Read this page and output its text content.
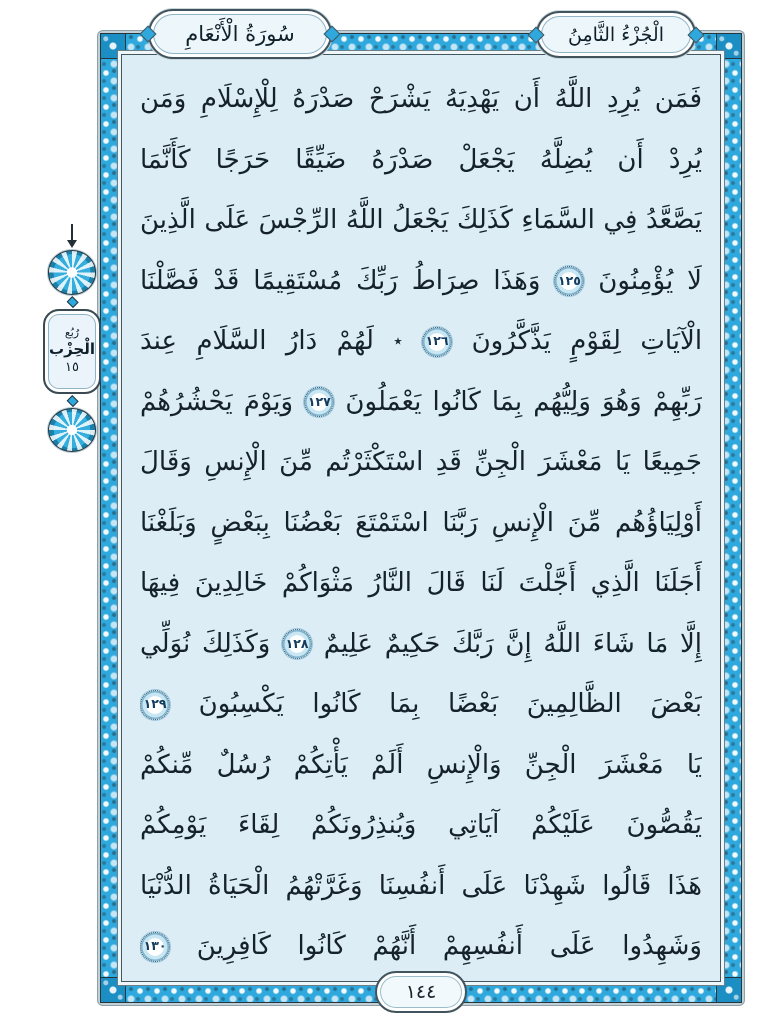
سُورَةُ الْأَنْعَامِ	الْجُزْءُ الثَّامِنُ
فَمَن يُرِدِ اللَّهُ أَن يَهْدِيَهُ يَشْرَحْ صَدْرَهُ لِلْإِسْلَامِ وَمَن
يُرِدْ أَن يُضِلَّهُ يَجْعَلْ صَدْرَهُ ضَيِّقًا حَرَجًا كَأَنَّمَا
يَصَّعَّدُ فِي السَّمَاءِ كَذَلِكَ يَجْعَلُ اللَّهُ الرِّجْسَ عَلَى الَّذِينَ
لَا يُؤْمِنُونَ ١٢٥ وَهَذَا صِرَاطُ رَبِّكَ مُسْتَقِيمًا قَدْ فَصَّلْنَا
الْآيَاتِ لِقَوْمٍ يَذَّكَّرُونَ ١٢٦ ٭ لَهُمْ دَارُ السَّلَامِ عِندَ
رَبِّهِمْ وَهُوَ وَلِيُّهُم بِمَا كَانُوا يَعْمَلُونَ ١٢٧ وَيَوْمَ يَحْشُرُهُمْ
جَمِيعًا يَا مَعْشَرَ الْجِنِّ قَدِ اسْتَكْثَرْتُم مِّنَ الْإِنسِ وَقَالَ
أَوْلِيَاؤُهُم مِّنَ الْإِنسِ رَبَّنَا اسْتَمْتَعَ بَعْضُنَا بِبَعْضٍ وَبَلَغْنَا
أَجَلَنَا الَّذِي أَجَّلْتَ لَنَا قَالَ النَّارُ مَثْوَاكُمْ خَالِدِينَ فِيهَا
إِلَّا مَا شَاءَ اللَّهُ إِنَّ رَبَّكَ حَكِيمٌ عَلِيمٌ ١٢٨ وَكَذَلِكَ نُوَلِّي
بَعْضَ الظَّالِمِينَ بَعْضًا بِمَا كَانُوا يَكْسِبُونَ ١٢٩
يَا مَعْشَرَ الْجِنِّ وَالْإِنسِ أَلَمْ يَأْتِكُمْ رُسُلٌ مِّنكُمْ
يَقُصُّونَ عَلَيْكُمْ آيَاتِي وَيُنذِرُونَكُمْ لِقَاءَ يَوْمِكُمْ
هَذَا قَالُوا شَهِدْنَا عَلَى أَنفُسِنَا وَغَرَّتْهُمُ الْحَيَاةُ الدُّنْيَا
وَشَهِدُوا عَلَى أَنفُسِهِمْ أَنَّهُمْ كَانُوا كَافِرِينَ ١٣٠
رُبُع
الْحِزْب
١٥
١٤٤
